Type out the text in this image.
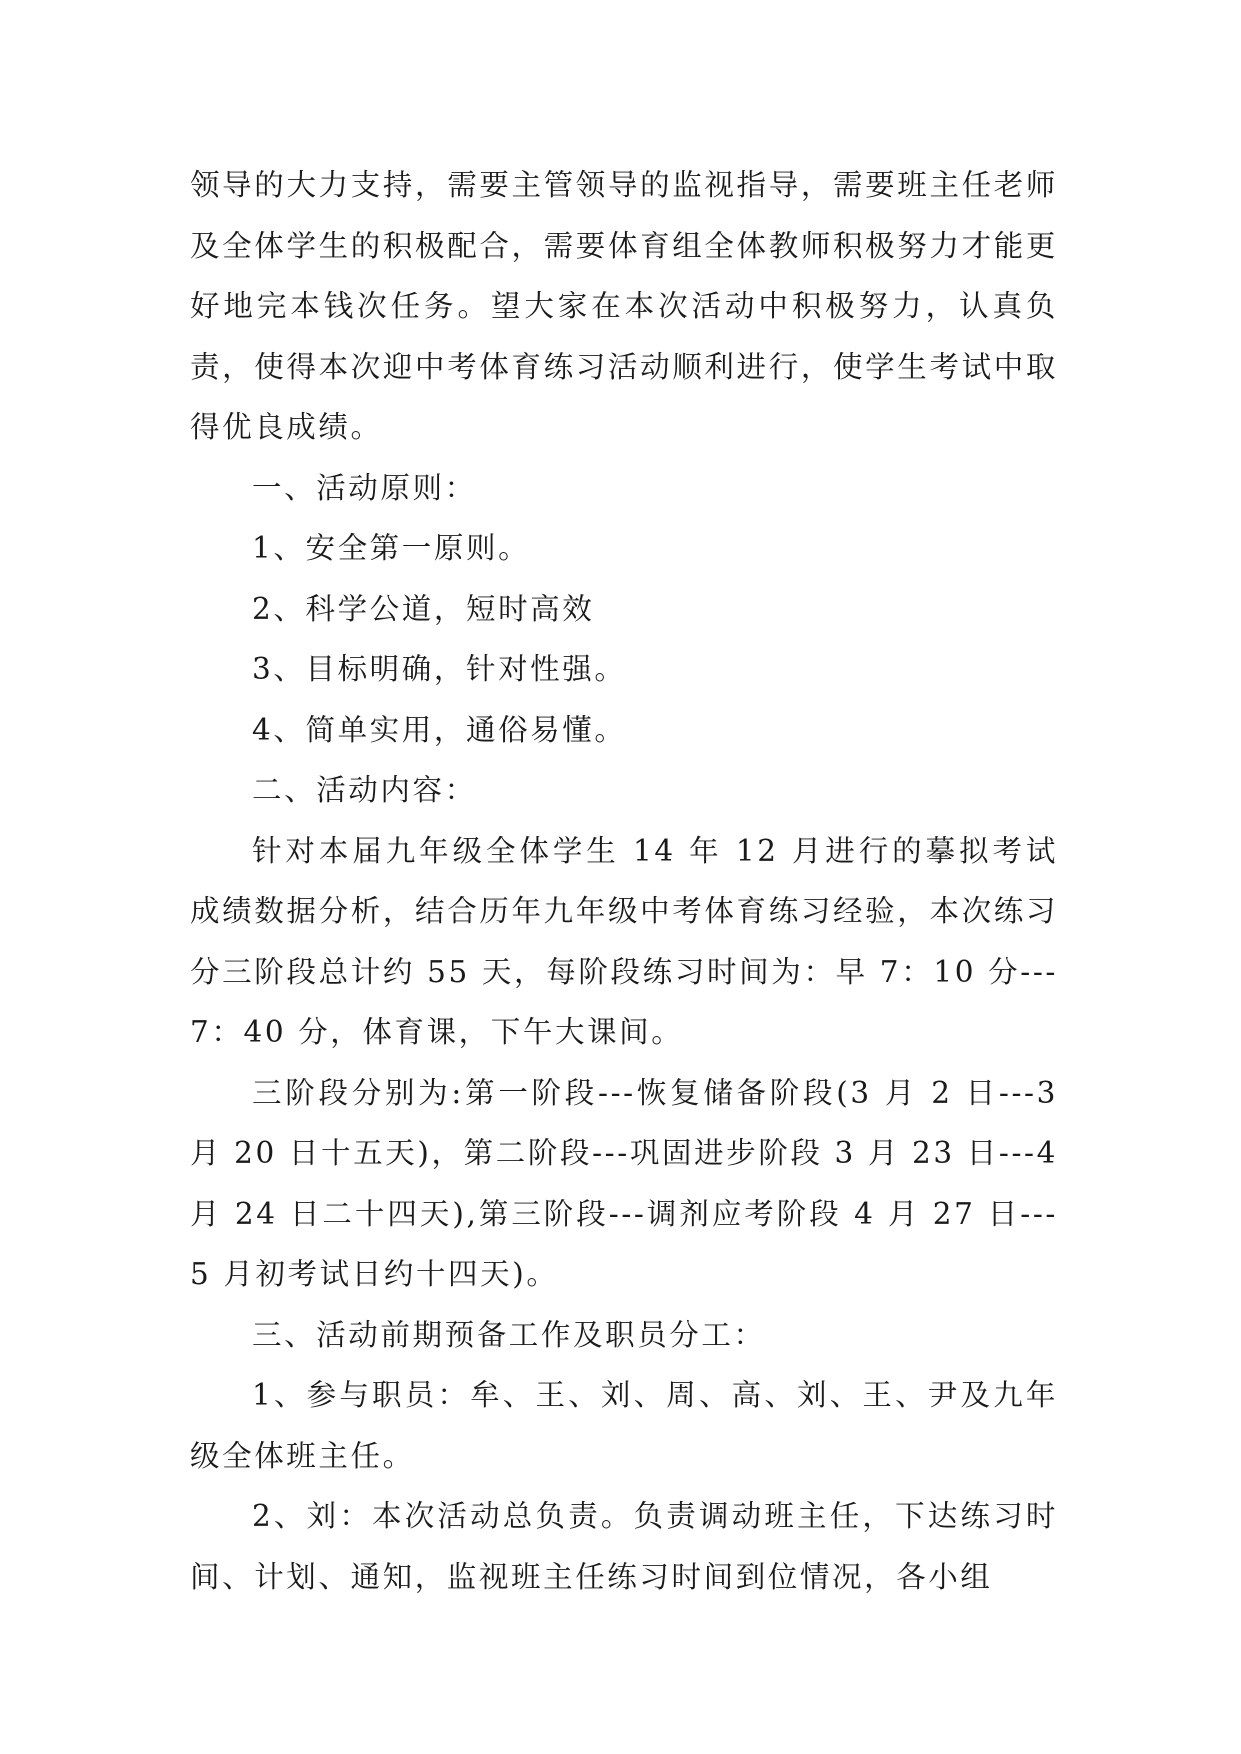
领导的大力支持，需要主管领导的监视指导，需要班主任老师及全体学生的积极配合，需要体育组全体教师积极努力才能更好地完本钱次任务。望大家在本次活动中积极努力，认真负责，使得本次迎中考体育练习活动顺利进行，使学生考试中取得优良成绩。

一、活动原则：

1、安全第一原则。

2、科学公道，短时高效

3、目标明确，针对性强。

4、简单实用，通俗易懂。

二、活动内容：

针对本届九年级全体学生 14 年 12 月进行的摹拟考试成绩数据分析，结合历年九年级中考体育练习经验，本次练习分三阶段总计约 55 天，每阶段练习时间为：早 7：10 分---7：40 分，体育课，下午大课间。

三阶段分别为:第一阶段---恢复储备阶段(3 月 2 日---3 月 20 日十五天)，第二阶段---巩固进步阶段 3 月 23 日---4 月 24 日二十四天),第三阶段---调剂应考阶段 4 月 27 日---5 月初考试日约十四天)。

三、活动前期预备工作及职员分工：

1、参与职员：牟、王、刘、周、高、刘、王、尹及九年级全体班主任。

2、刘：本次活动总负责。负责调动班主任，下达练习时间、计划、通知，监视班主任练习时间到位情况，各小组
